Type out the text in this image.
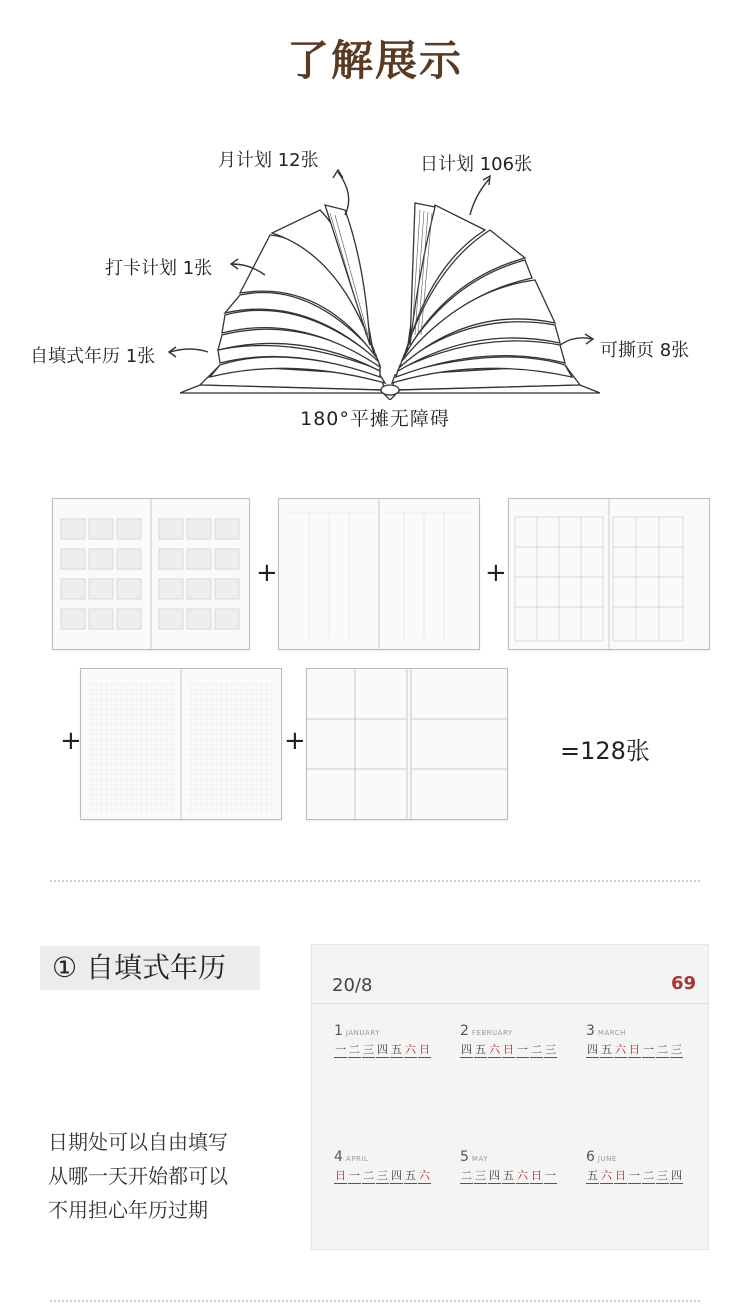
了解展示
月计划 12张	日计划 106张
打卡计划 1张
自填式年历 1张	可撕页 8张
180°平摊无障碍
+	+
+	+	=128张
① 自填式年历
日期处可以自由填写
从哪一天开始都可以
不用担心年历过期
20/8	69
1 JANUARY
一 二 三 四 五 六 日
2 FEBRUARY
四 五 六 日 一 二 三
3 MARCH
四 五 六 日 一 二 三
4 APRIL
日 一 二 三 四 五 六
5 MAY
二 三 四 五 六 日 一
6 JUNE
五 六 日 一 二 三 四
